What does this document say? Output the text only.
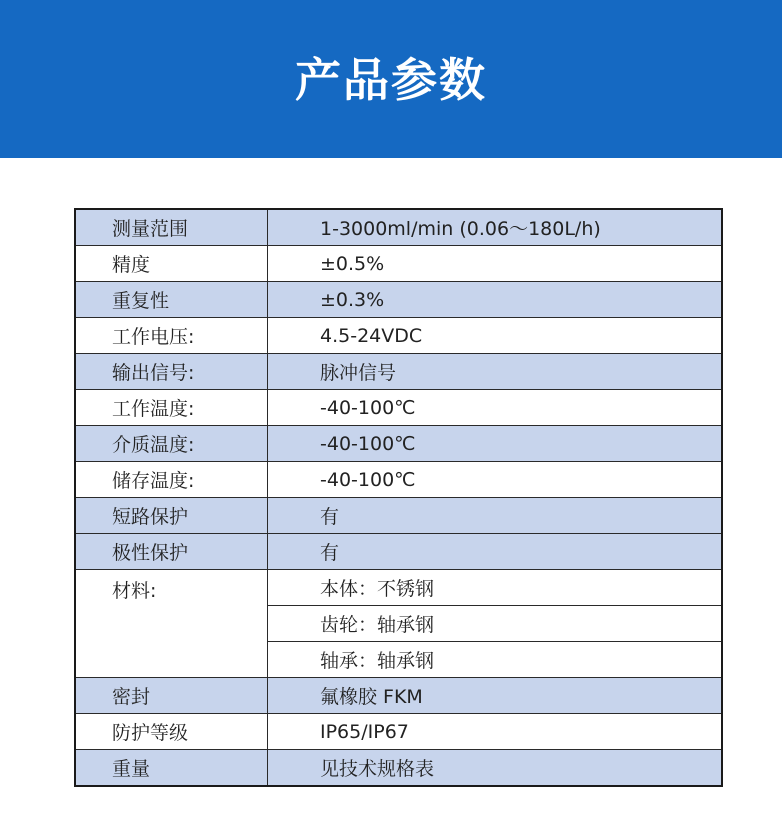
产品参数
测量范围	1-3000ml/min (0.06～180L/h)
精度	±0.5%
重复性	±0.3%
工作电压:	4.5-24VDC
输出信号:	脉冲信号
工作温度:	-40-100℃
介质温度:	-40-100℃
储存温度:	-40-100℃
短路保护	有
极性保护	有
材料:	本体：不锈钢
	齿轮：轴承钢
	轴承：轴承钢
密封	氟橡胶 FKM
防护等级	IP65/IP67
重量	见技术规格表
